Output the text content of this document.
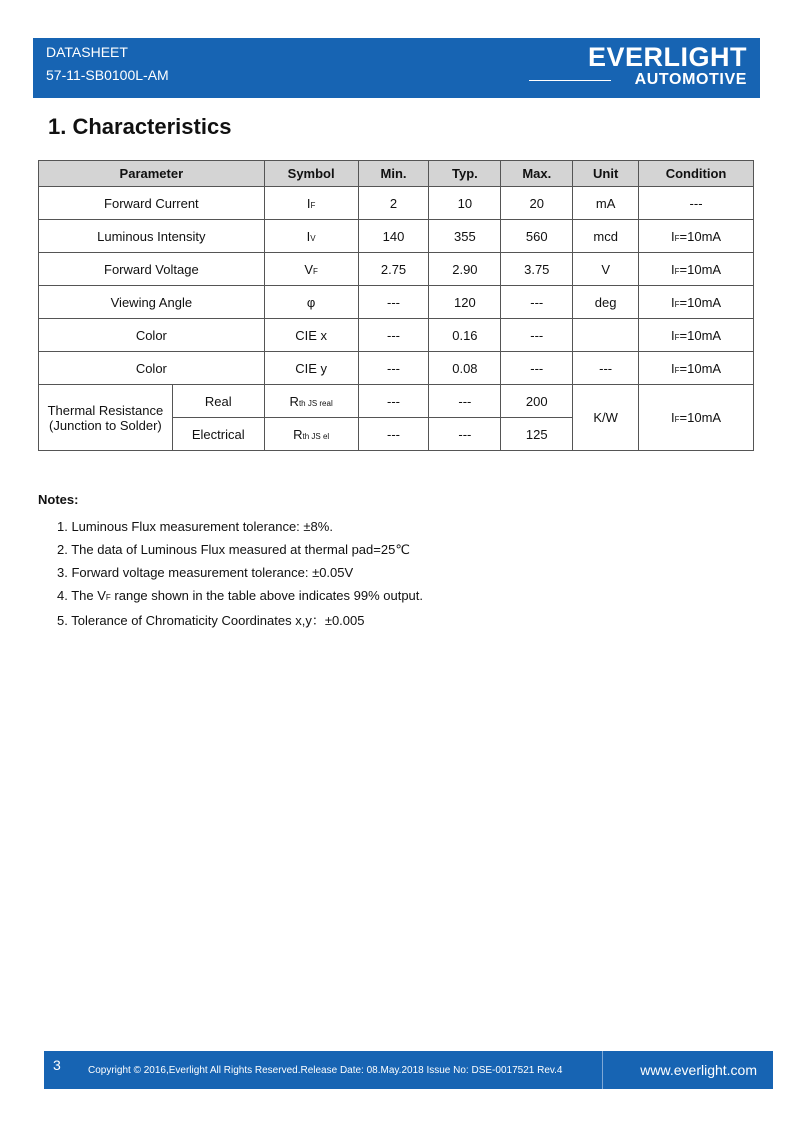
DATASHEET
57-11-SB0100L-AM
EVERLIGHT
AUTOMOTIVE
1. Characteristics
Parameter		Symbol	Min.	Typ.	Max.	Unit	Condition
Forward Current		IF	2	10	20	mA	---
Luminous Intensity		IV	140	355	560	mcd	IF=10mA
Forward Voltage		VF	2.75	2.90	3.75	V	IF=10mA
Viewing Angle		φ	---	120	---	deg	IF=10mA
Color		CIE x	---	0.16	---		IF=10mA
Color		CIE y	---	0.08	---	---	IF=10mA
Thermal Resistance
(Junction to Solder)	Real	Rth JS real	---	---	200	K/W	IF=10mA
	Electrical	Rth JS el	---	---	125		
Notes:
1. Luminous Flux measurement tolerance: ±8%.
2. The data of Luminous Flux measured at thermal pad=25℃
3. Forward voltage measurement tolerance: ±0.05V
4. The VF range shown in the table above indicates 99% output.
5. Tolerance of Chromaticity Coordinates x,y：±0.005
3	Copyright © 2016,Everlight All Rights Reserved.Release Date: 08.May.2018 Issue No: DSE-0017521 Rev.4	www.everlight.com
